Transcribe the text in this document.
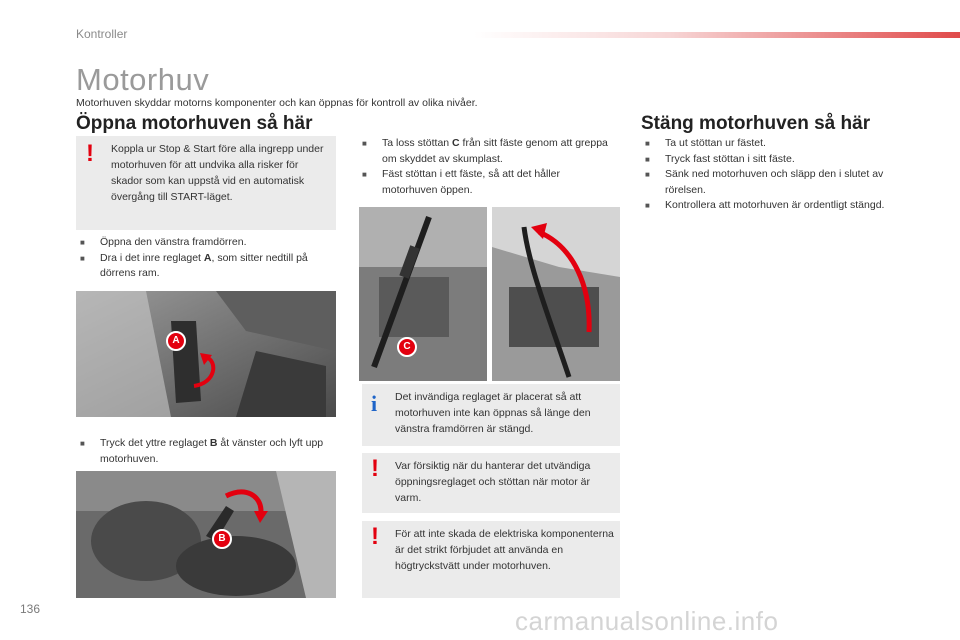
Kontroller
Motorhuv
Motorhuven skyddar motorns komponenter och kan öppnas för kontroll av olika nivåer.
Öppna motorhuven så här
! Koppla ur Stop & Start före alla ingrepp under motorhuven för att undvika alla risker för skador som kan uppstå vid en automatisk övergång till START-läget.
■ Öppna den vänstra framdörren.
■ Dra i det inre reglaget A, som sitter nedtill på dörrens ram.
A
■ Tryck det yttre reglaget B åt vänster och lyft upp motorhuven.
B
■ Ta loss stöttan C från sitt fäste genom att greppa om skyddet av skumplast.
■ Fäst stöttan i ett fäste, så att det håller motorhuven öppen.
C
i Det invändiga reglaget är placerat så att motorhuven inte kan öppnas så länge den vänstra framdörren är stängd.
! Var försiktig när du hanterar det utvändiga öppningsreglaget och stöttan när motor är varm.
! För att inte skada de elektriska komponenterna är det strikt förbjudet att använda en högtryckstvätt under motorhuven.
Stäng motorhuven så här
■ Ta ut stöttan ur fästet.
■ Tryck fast stöttan i sitt fäste.
■ Sänk ned motorhuven och släpp den i slutet av rörelsen.
■ Kontrollera att motorhuven är ordentligt stängd.
136	carmanualsonline.info
